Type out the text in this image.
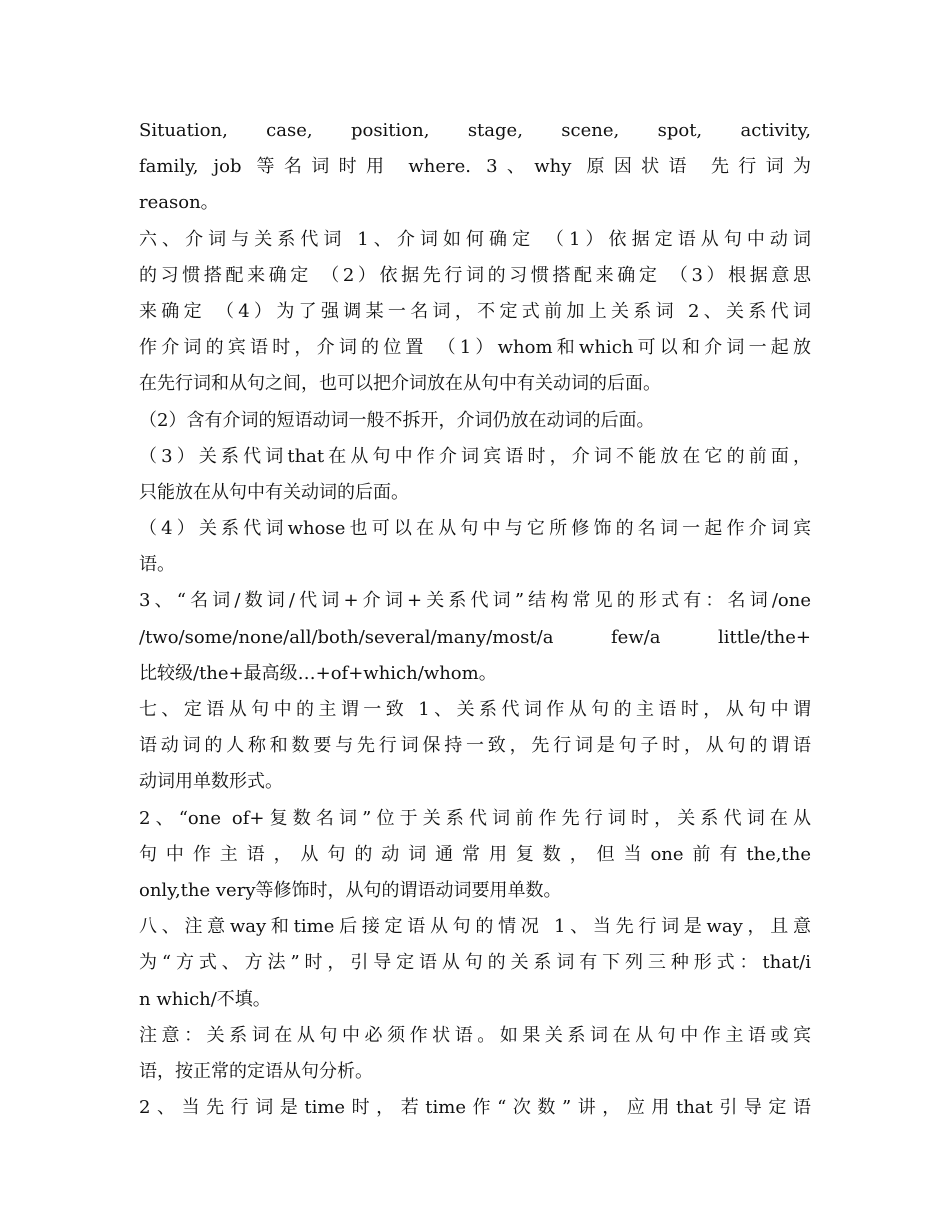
Situation, case, position, stage, scene, spot, activity,
family, job 等名词时用 where. 3、why 原因状语 先行词为
reason。
六、介词与关系代词 1、介词如何确定 （1）依据定语从句中动词
的习惯搭配来确定 （2）依据先行词的习惯搭配来确定 （3）根据意思
来确定 （4）为了强调某一名词，不定式前加上关系词 2、关系代词
作介词的宾语时，介词的位置 （1）whom和which可以和介词一起放
在先行词和从句之间，也可以把介词放在从句中有关动词的后面。
（2）含有介词的短语动词一般不拆开，介词仍放在动词的后面。
（3）关系代词that在从句中作介词宾语时，介词不能放在它的前面，
只能放在从句中有关动词的后面。
（4）关系代词whose也可以在从句中与它所修饰的名词一起作介词宾
语。
3、“名词/数词/代词+介词+关系代词”结构常见的形式有：名词/one
/two/some/none/all/both/several/many/most/a few/a little/the+
比较级/the+最高级…+of+which/whom。
七、定语从句中的主谓一致 1、关系代词作从句的主语时，从句中谓
语动词的人称和数要与先行词保持一致，先行词是句子时，从句的谓语
动词用单数形式。
2、“one of+复数名词”位于关系代词前作先行词时，关系代词在从
句中作主语，从句的动词通常用复数，但当one前有the,the
only,the very等修饰时，从句的谓语动词要用单数。
八、注意way和time后接定语从句的情况 1、当先行词是way，且意
为“方式、方法”时，引导定语从句的关系词有下列三种形式：that/i
n which/不填。
注意：关系词在从句中必须作状语。如果关系词在从句中作主语或宾
语，按正常的定语从句分析。
2、当先行词是time时，若time作“次数”讲，应用that引导定语
